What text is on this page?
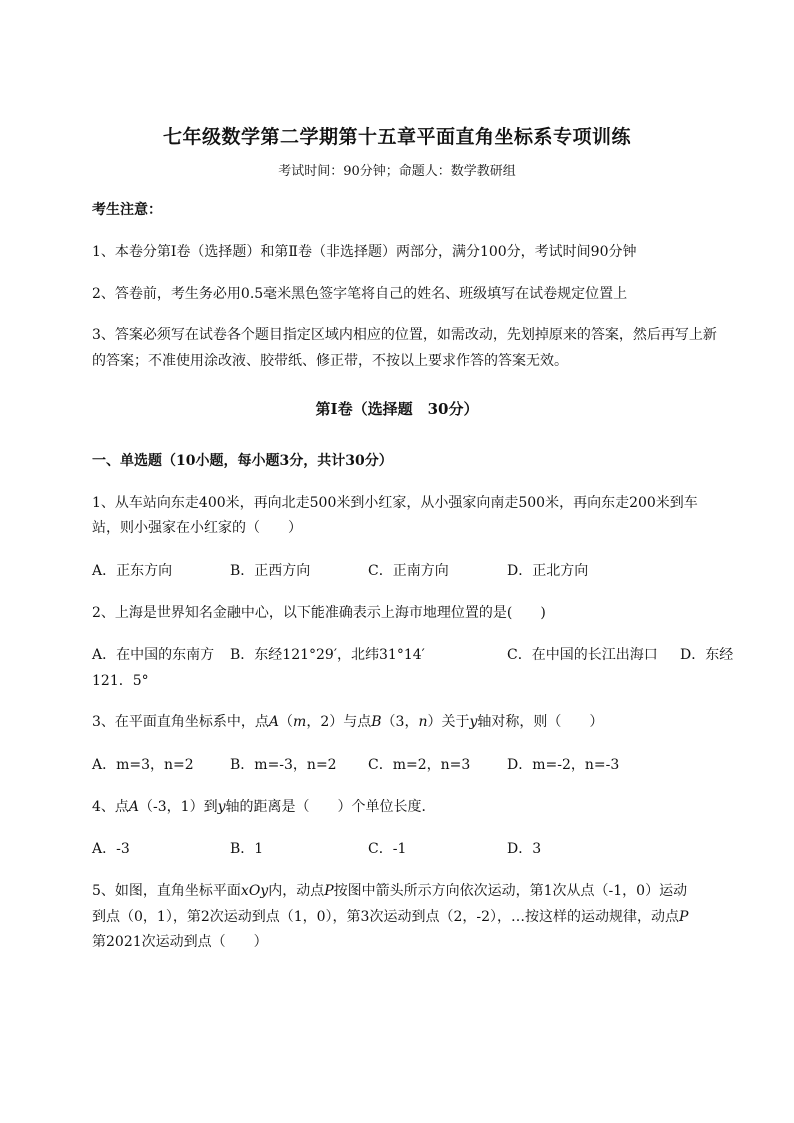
七年级数学第二学期第十五章平面直角坐标系专项训练
考试时间：90分钟；命题人：数学教研组
考生注意：
1、本卷分第I卷（选择题）和第Ⅱ卷（非选择题）两部分，满分100分，考试时间90分钟
2、答卷前，考生务必用0.5毫米黑色签字笔将自己的姓名、班级填写在试卷规定位置上
3、答案必须写在试卷各个题目指定区域内相应的位置，如需改动，先划掉原来的答案，然后再写上新
的答案；不准使用涂改液、胶带纸、修正带，不按以上要求作答的答案无效。
第I卷（选择题　30分）
一、单选题（10小题，每小题3分，共计30分）
1、从车站向东走400米，再向北走500米到小红家，从小强家向南走500米，再向东走200米到车
站，则小强家在小红家的（　　）
A．正东方向	B．正西方向	C．正南方向	D．正北方向
2、上海是世界知名金融中心，以下能准确表示上海市地理位置的是(　　)
A．在中国的东南方 B．东经121°29′，北纬31°14′	C．在中国的长江出海口 D．东经
121．5°
3、在平面直角坐标系中，点A（m，2）与点B（3，n）关于y轴对称，则（　　）
A．m=3，n=2	B．m=-3，n=2 C．m=2，n=3	D．m=-2，n=-3
4、点A（-3，1）到y轴的距离是（　　）个单位长度．
A．-3	B．1	C．-1	D．3
5、如图，直角坐标平面xOy内，动点P按图中箭头所示方向依次运动，第1次从点（-1，0）运动
到点（0，1），第2次运动到点（1，0），第3次运动到点（2，-2），…按这样的运动规律，动点P
第2021次运动到点（　　）
